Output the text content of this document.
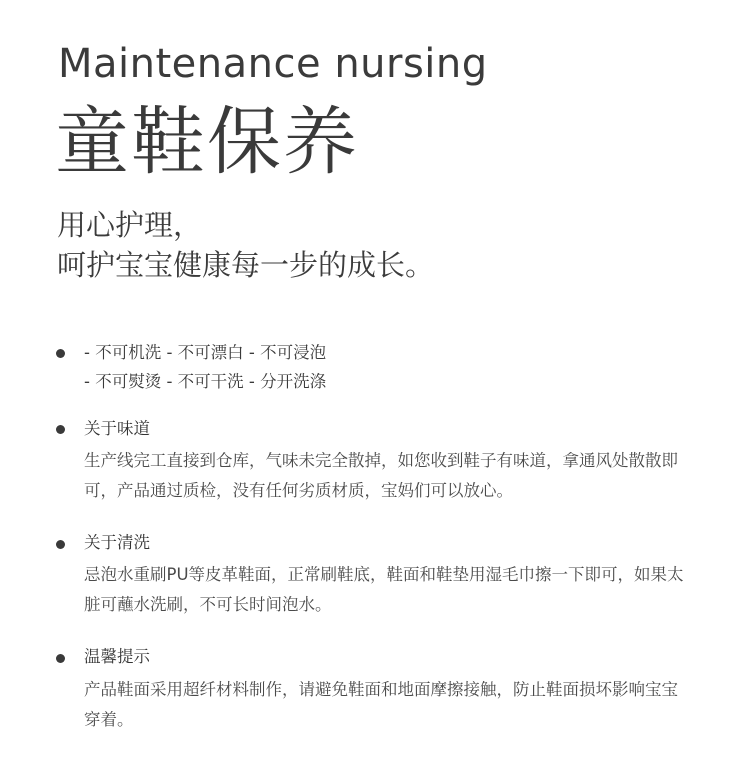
Maintenance nursing
童鞋保养
用心护理，
呵护宝宝健康每一步的成长。
- 不可机洗 - 不可漂白 - 不可浸泡
- 不可熨烫 - 不可干洗 - 分开洗涤
关于味道
生产线完工直接到仓库，气味未完全散掉，如您收到鞋子有味道，拿通风处散散即可，产品通过质检，没有任何劣质材质，宝妈们可以放心。
关于清洗
忌泡水重刷PU等皮革鞋面，正常刷鞋底，鞋面和鞋垫用湿毛巾擦一下即可，如果太脏可蘸水洗刷，不可长时间泡水。
温馨提示
产品鞋面采用超纤材料制作，请避免鞋面和地面摩擦接触，防止鞋面损坏影响宝宝穿着。
